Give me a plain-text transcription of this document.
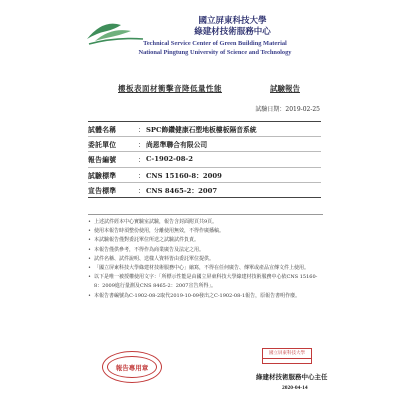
國立屏東科技大學
綠建材技術服務中心
Technical Service Center of Green Building Material
National Pingtung University of Science and Technology
樓板表面材衝擊音降低量性能	試驗報告
試驗日期：2019-02-25
試體名稱	： SPC飾鑽健康石塑地板樓板隔音系統
委託單位	： 尚恩準聯合有限公司
報告編號	： C-1902-08-2
試驗標準	： CNS 15160-8：2009
宣告標準	： CNS 8465-2：2007
• 上述試件經本中心實驗室試驗，報告含封面附頁共9頁。
• 使用本報告時須整份使用，分離使用無效，不得作廣播稿。
• 本試驗報告僅對委託單位所送之試驗試件負責。
• 本報告僅供參考，不得作為商業廣告及法定之用。
• 試件名稱、試件說明、送樣人資料皆由委託單位提供。
• 「國立屏東科技大學綠建材技術服務中心」縮寫，不得在任何廣告、傳單或產品宣傳文件上使用。
• 以下是唯一被授權使用文字：「所標示性能是由國立屏東科技大學綠建材技術服務中心依CNS 15160-8：2009進行量測及CNS 8465-2：2007宣告所得」。
• 本報告書編號為C-1902-08-2取代2019-10-09發出之C-1902-08-1報告，原報告書明作廢。
報告專用章
國立屏東科技大學
綠建材技術服務中心主任
2020-04-14
